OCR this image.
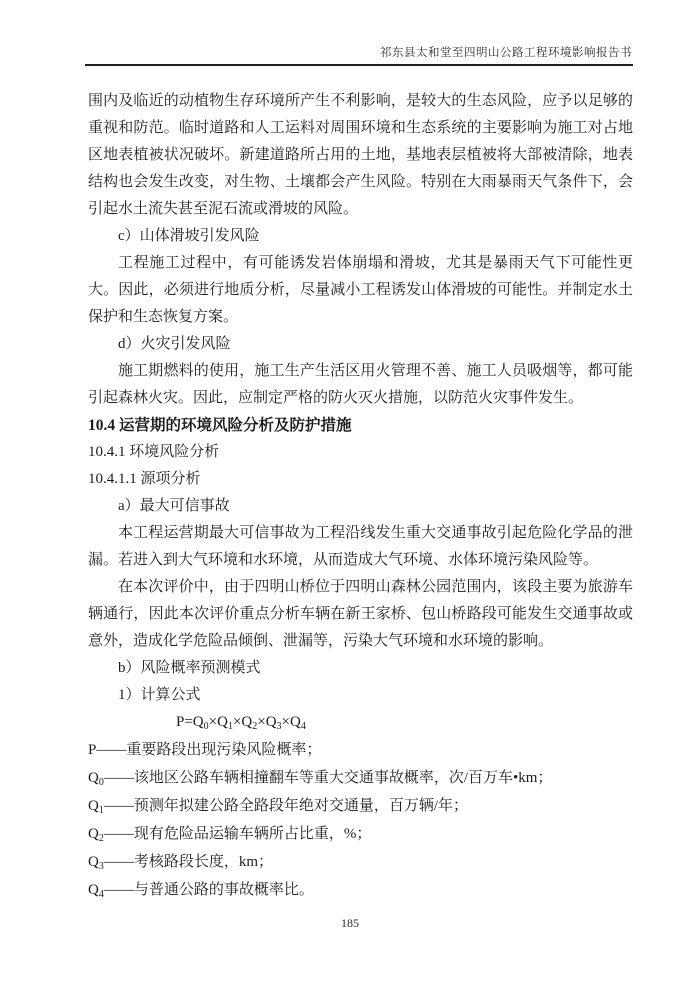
祁东县太和堂至四明山公路工程环境影响报告书

围内及临近的动植物生存环境所产生不利影响，是较大的生态风险，应予以足够的重视和防范。临时道路和人工运料对周围环境和生态系统的主要影响为施工对占地区地表植被状况破坏。新建道路所占用的土地，基地表层植被将大部被清除，地表结构也会发生改变，对生物、土壤都会产生风险。特别在大雨暴雨天气条件下，会引起水土流失甚至泥石流或滑坡的风险。

c）山体滑坡引发风险

工程施工过程中，有可能诱发岩体崩塌和滑坡，尤其是暴雨天气下可能性更大。因此，必须进行地质分析，尽量减小工程诱发山体滑坡的可能性。并制定水土保护和生态恢复方案。

d）火灾引发风险

施工期燃料的使用，施工生产生活区用火管理不善、施工人员吸烟等，都可能引起森林火灾。因此，应制定严格的防火灭火措施，以防范火灾事件发生。

10.4 运营期的环境风险分析及防护措施
10.4.1 环境风险分析
10.4.1.1 源项分析

a）最大可信事故

本工程运营期最大可信事故为工程沿线发生重大交通事故引起危险化学品的泄漏。若进入到大气环境和水环境，从而造成大气环境、水体环境污染风险等。

在本次评价中，由于四明山桥位于四明山森林公园范围内，该段主要为旅游车辆通行，因此本次评价重点分析车辆在新王家桥、包山桥路段可能发生交通事故或意外，造成化学危险品倾倒、泄漏等，污染大气环境和水环境的影响。

b）风险概率预测模式

1）计算公式

$P=Q_0\times Q_1\times Q_2\times Q_3\times Q_4$

P——重要路段出现污染风险概率；

$Q_0——$该地区公路车辆相撞翻车等重大交通事故概率，次/百万车•km；

$Q_1——$预测年拟建公路全路段年绝对交通量，百万辆/年；

$Q_2——$现有危险品运输车辆所占比重，%；

$Q_3——$考核路段长度，km；

$Q_4——$与普通公路的事故概率比。

185
